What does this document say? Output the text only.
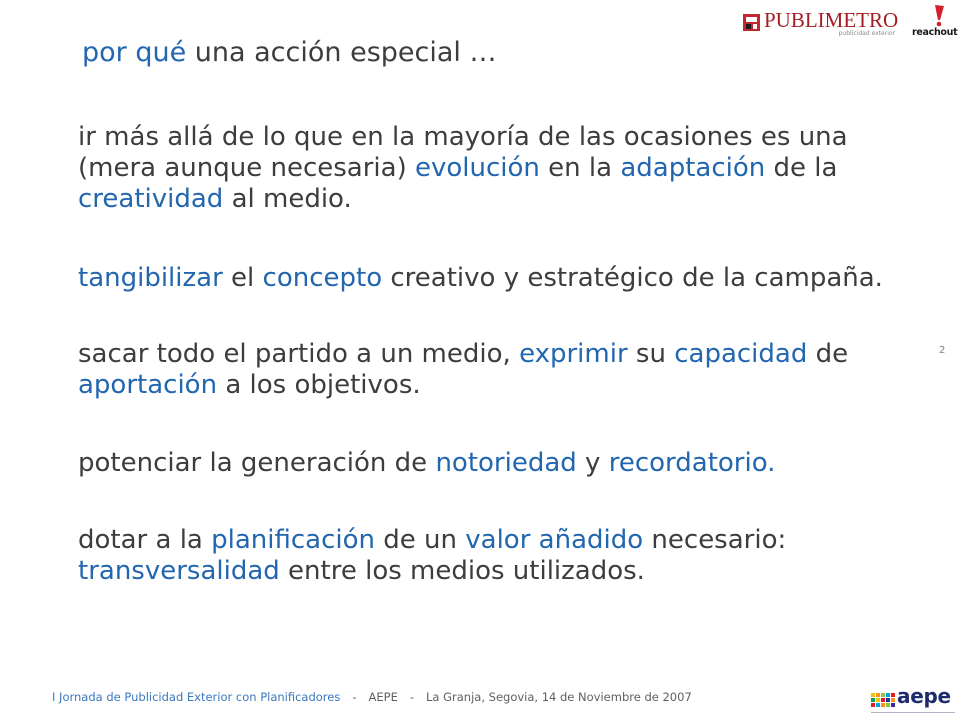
PUBLIMETRO
publicidad exterior reachout
por qué una acción especial …
ir más allá de lo que en la mayoría de las ocasiones es una
(mera aunque necesaria) evolución en la adaptación de la
creatividad al medio.
tangibilizar el concepto creativo y estratégico de la campaña.
sacar todo el partido a un medio, exprimir su capacidad de
aportación a los objetivos.
potenciar la generación de notoriedad y recordatorio.
dotar a la planificación de un valor añadido necesario:
transversalidad entre los medios utilizados.
2
I Jornada de Publicidad Exterior con Planificadores - AEPE - La Granja, Segovia, 14 de Noviembre de 2007	aepe
